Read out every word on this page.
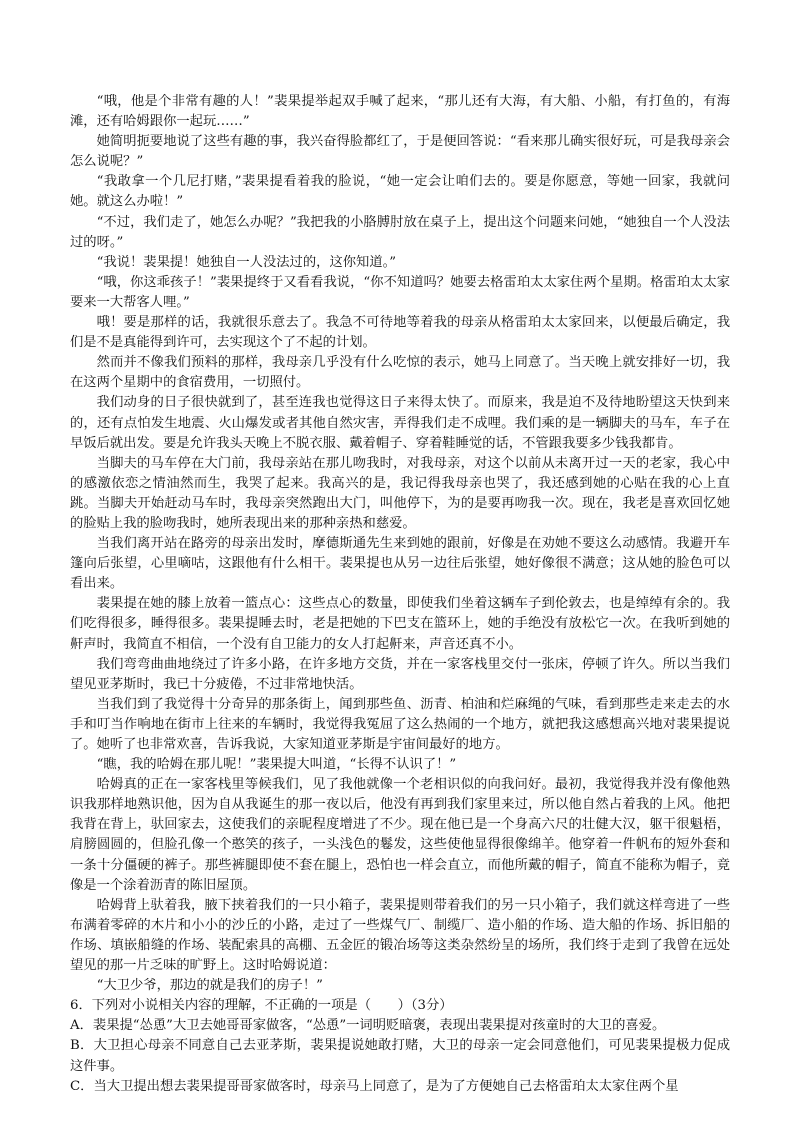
“哦，他是个非常有趣的人！”裴果提举起双手喊了起来，“那儿还有大海，有大船、小船，有打鱼的，有海滩，还有哈姆跟你一起玩……”

她简明扼要地说了这些有趣的事，我兴奋得脸都红了，于是便回答说：“看来那儿确实很好玩，可是我母亲会怎么说呢？”

“我敢拿一个几尼打赌，”裴果提看着我的脸说，“她一定会让咱们去的。要是你愿意，等她一回家，我就问她。就这么办啦！”

“不过，我们走了，她怎么办呢？”我把我的小胳膊肘放在桌子上，提出这个问题来问她，“她独自一个人没法过的呀。”

“我说！裴果提！她独自一人没法过的，这你知道。”

“哦，你这乖孩子！”裴果提终于又看看我说，“你不知道吗？她要去格雷珀太太家住两个星期。格雷珀太太家要来一大帮客人哩。”

哦！要是那样的话，我就很乐意去了。我急不可待地等着我的母亲从格雷珀太太家回来，以便最后确定，我们是不是真能得到许可，去实现这个了不起的计划。

然而并不像我们预料的那样，我母亲几乎没有什么吃惊的表示，她马上同意了。当天晚上就安排好一切，我在这两个星期中的食宿费用，一切照付。

我们动身的日子很快就到了，甚至连我也觉得这日子来得太快了。而原来，我是迫不及待地盼望这天快到来的，还有点怕发生地震、火山爆发或者其他自然灾害，弄得我们走不成哩。我们乘的是一辆脚夫的马车，车子在早饭后就出发。要是允许我头天晚上不脱衣服、戴着帽子、穿着鞋睡觉的话，不管跟我要多少钱我都肯。

当脚夫的马车停在大门前，我母亲站在那儿吻我时，对我母亲，对这个以前从未离开过一天的老家，我心中的感激依恋之情油然而生，我哭了起来。我高兴的是，我记得我母亲也哭了，我还感到她的心贴在我的心上直跳。当脚夫开始赶动马车时，我母亲突然跑出大门，叫他停下，为的是要再吻我一次。现在，我老是喜欢回忆她的脸贴上我的脸吻我时，她所表现出来的那种亲热和慈爱。

当我们离开站在路旁的母亲出发时，摩德斯通先生来到她的跟前，好像是在劝她不要这么动感情。我避开车篷向后张望，心里嘀咕，这跟他有什么相干。裴果提也从另一边往后张望，她好像很不满意；这从她的脸色可以看出来。

裴果提在她的膝上放着一篮点心：这些点心的数量，即使我们坐着这辆车子到伦敦去，也是绰绰有余的。我们吃得很多，睡得很多。裴果提睡去时，老是把她的下巴支在篮环上，她的手绝没有放松它一次。在我听到她的鼾声时，我简直不相信，一个没有自卫能力的女人打起鼾来，声音还真不小。

我们弯弯曲曲地绕过了许多小路，在许多地方交货，并在一家客栈里交付一张床，停顿了许久。所以当我们望见亚茅斯时，我已十分疲倦，不过非常地快活。

当我们到了我觉得十分奇异的那条街上，闻到那些鱼、沥青、柏油和烂麻绳的气味，看到那些走来走去的水手和叮当作响地在街市上往来的车辆时，我觉得我冤屈了这么热闹的一个地方，就把我这感想高兴地对裴果提说了。她听了也非常欢喜，告诉我说，大家知道亚茅斯是宇宙间最好的地方。

“瞧，我的哈姆在那儿呢！”裴果提大叫道，“长得不认识了！”

哈姆真的正在一家客栈里等候我们，见了我他就像一个老相识似的向我问好。最初，我觉得我并没有像他熟识我那样地熟识他，因为自从我诞生的那一夜以后，他没有再到我们家里来过，所以他自然占着我的上风。他把我背在背上，驮回家去，这使我们的亲昵程度增进了不少。现在他已是一个身高六尺的壮健大汉，躯干很魁梧，肩膀圆圆的，但脸孔像一个憨笑的孩子，一头浅色的鬈发，这些使他显得很像绵羊。他穿着一件帆布的短外套和一条十分僵硬的裤子。那些裤腿即使不套在腿上，恐怕也一样会直立，而他所戴的帽子，简直不能称为帽子，竟像是一个涂着沥青的陈旧屋顶。

哈姆背上驮着我，腋下挟着我们的一只小箱子，裴果提则带着我们的另一只小箱子，我们就这样弯进了一些布满着零碎的木片和小小的沙丘的小路，走过了一些煤气厂、制缆厂、造小船的作场、造大船的作场、拆旧船的作场、填嵌船缝的作场、装配索具的高棚、五金匠的锻冶场等这类杂然纷呈的场所，我们终于走到了我曾在远处望见的那一片乏味的旷野上。这时哈姆说道：

“大卫少爷，那边的就是我们的房子！”

6．下列对小说相关内容的理解，不正确的一项是（　　）（3分）

A．裴果提“怂恿”大卫去她哥哥家做客，“怂恿”一词明贬暗褒，表现出裴果提对孩童时的大卫的喜爱。

B．大卫担心母亲不同意自己去亚茅斯，裴果提说她敢打赌，大卫的母亲一定会同意他们，可见裴果提极力促成这件事。

C．当大卫提出想去裴果提哥哥家做客时，母亲马上同意了，是为了方便她自己去格雷珀太太家住两个星
